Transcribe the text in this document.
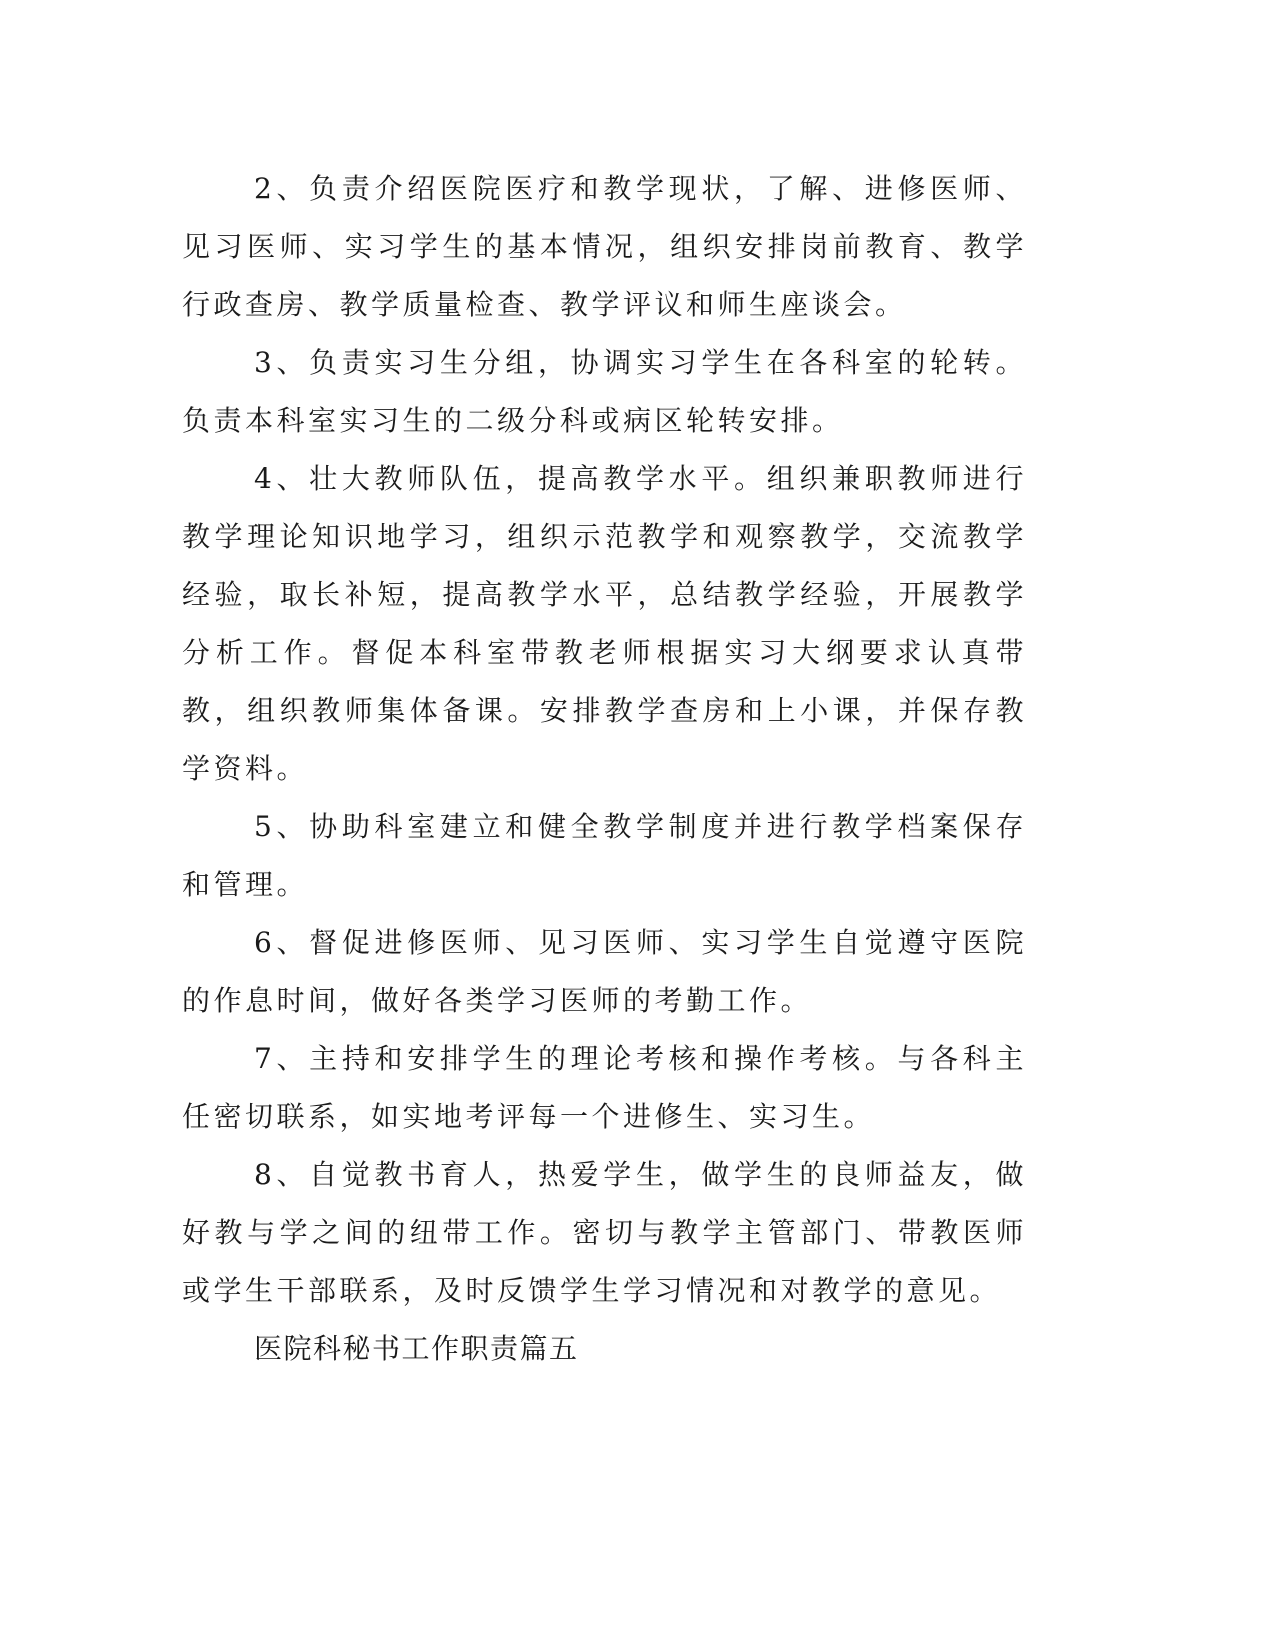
2、负责介绍医院医疗和教学现状，了解、进修医师、见习医师、实习学生的基本情况，组织安排岗前教育、教学行政查房、教学质量检查、教学评议和师生座谈会。

3、负责实习生分组，协调实习学生在各科室的轮转。负责本科室实习生的二级分科或病区轮转安排。

4、壮大教师队伍，提高教学水平。组织兼职教师进行教学理论知识地学习，组织示范教学和观察教学，交流教学经验，取长补短，提高教学水平，总结教学经验，开展教学分析工作。督促本科室带教老师根据实习大纲要求认真带教，组织教师集体备课。安排教学查房和上小课，并保存教学资料。

5、协助科室建立和健全教学制度并进行教学档案保存和管理。

6、督促进修医师、见习医师、实习学生自觉遵守医院的作息时间，做好各类学习医师的考勤工作。

7、主持和安排学生的理论考核和操作考核。与各科主任密切联系，如实地考评每一个进修生、实习生。

8、自觉教书育人，热爱学生，做学生的良师益友，做好教与学之间的纽带工作。密切与教学主管部门、带教医师或学生干部联系，及时反馈学生学习情况和对教学的意见。

医院科秘书工作职责篇五
